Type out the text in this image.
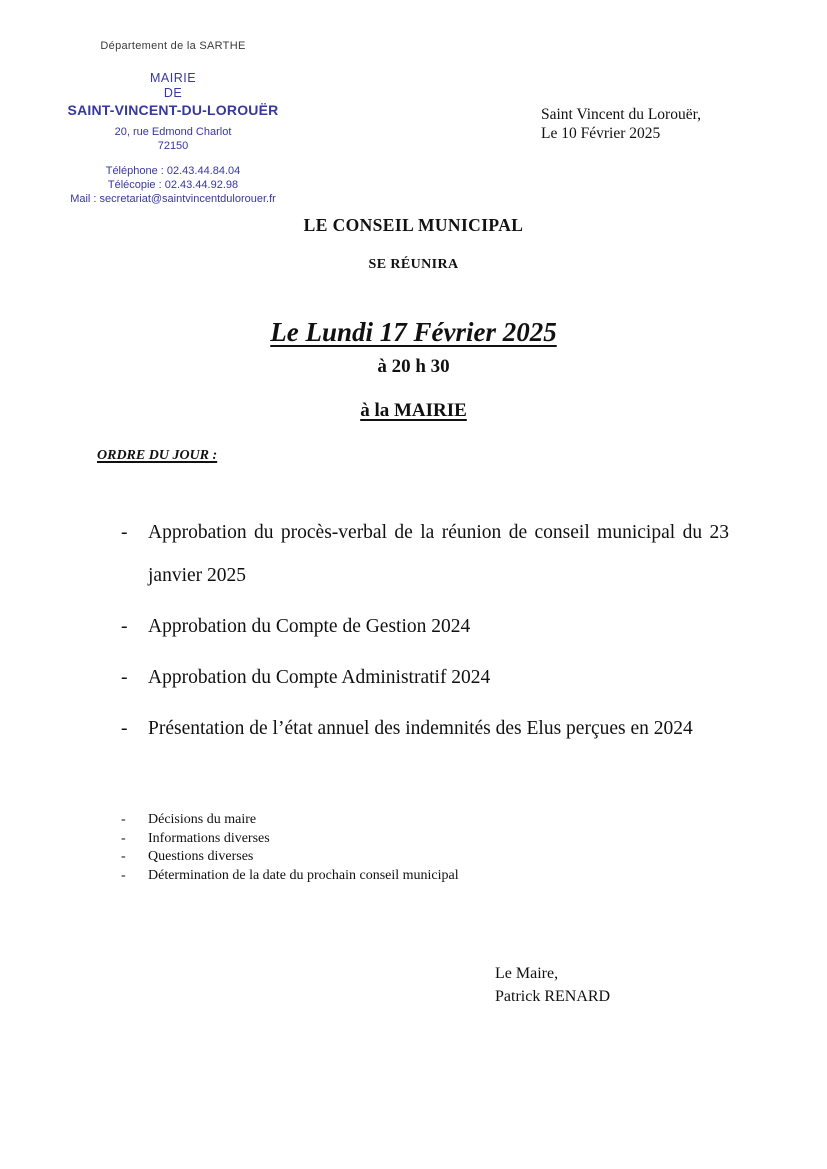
Département de la SARTHE
MAIRIE
DE
SAINT-VINCENT-DU-LOROUËR
20, rue Edmond Charlot
72150
Téléphone : 02.43.44.84.04
Télécopie : 02.43.44.92.98
Mail : secretariat@saintvincentdulorouer.fr
Saint Vincent du Lorouër,
Le 10 Février 2025
LE CONSEIL MUNICIPAL
SE RÉUNIRA
Le Lundi 17 Février 2025
à 20 h 30
à la MAIRIE
ORDRE DU JOUR :
-	Approbation du procès-verbal de la réunion de conseil municipal du 23 janvier 2025
-	Approbation du Compte de Gestion 2024
-	Approbation du Compte Administratif 2024
-	Présentation de l’état annuel des indemnités des Elus perçues en 2024
-	Décisions du maire
-	Informations diverses
-	Questions diverses
-	Détermination de la date du prochain conseil municipal
Le Maire,
Patrick RENARD
